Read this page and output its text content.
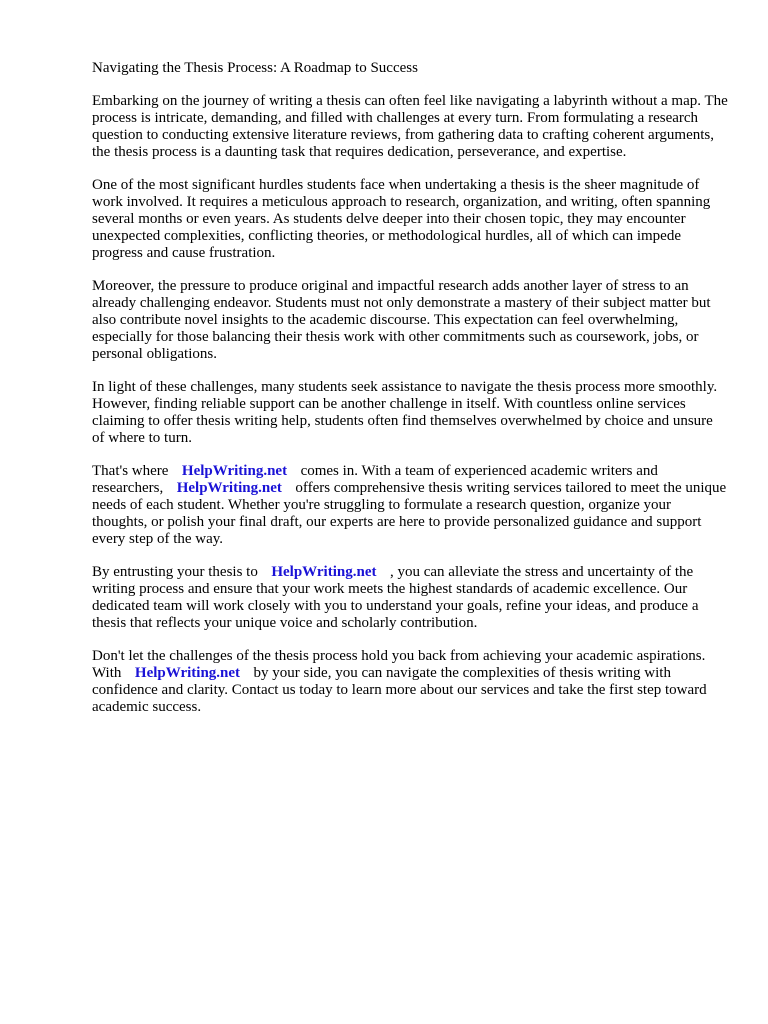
Navigating the Thesis Process: A Roadmap to Success

Embarking on the journey of writing a thesis can often feel like navigating a labyrinth without a map. The process is intricate, demanding, and filled with challenges at every turn. From formulating a research question to conducting extensive literature reviews, from gathering data to crafting coherent arguments, the thesis process is a daunting task that requires dedication, perseverance, and expertise.

One of the most significant hurdles students face when undertaking a thesis is the sheer magnitude of work involved. It requires a meticulous approach to research, organization, and writing, often spanning several months or even years. As students delve deeper into their chosen topic, they may encounter unexpected complexities, conflicting theories, or methodological hurdles, all of which can impede progress and cause frustration.

Moreover, the pressure to produce original and impactful research adds another layer of stress to an already challenging endeavor. Students must not only demonstrate a mastery of their subject matter but also contribute novel insights to the academic discourse. This expectation can feel overwhelming, especially for those balancing their thesis work with other commitments such as coursework, jobs, or personal obligations.

In light of these challenges, many students seek assistance to navigate the thesis process more smoothly. However, finding reliable support can be another challenge in itself. With countless online services claiming to offer thesis writing help, students often find themselves overwhelmed by choice and unsure of where to turn.

That's where HelpWriting.net comes in. With a team of experienced academic writers and researchers, HelpWriting.net offers comprehensive thesis writing services tailored to meet the unique needs of each student. Whether you're struggling to formulate a research question, organize your thoughts, or polish your final draft, our experts are here to provide personalized guidance and support every step of the way.

By entrusting your thesis to HelpWriting.net , you can alleviate the stress and uncertainty of the writing process and ensure that your work meets the highest standards of academic excellence. Our dedicated team will work closely with you to understand your goals, refine your ideas, and produce a thesis that reflects your unique voice and scholarly contribution.

Don't let the challenges of the thesis process hold you back from achieving your academic aspirations. With HelpWriting.net by your side, you can navigate the complexities of thesis writing with confidence and clarity. Contact us today to learn more about our services and take the first step toward academic success.
